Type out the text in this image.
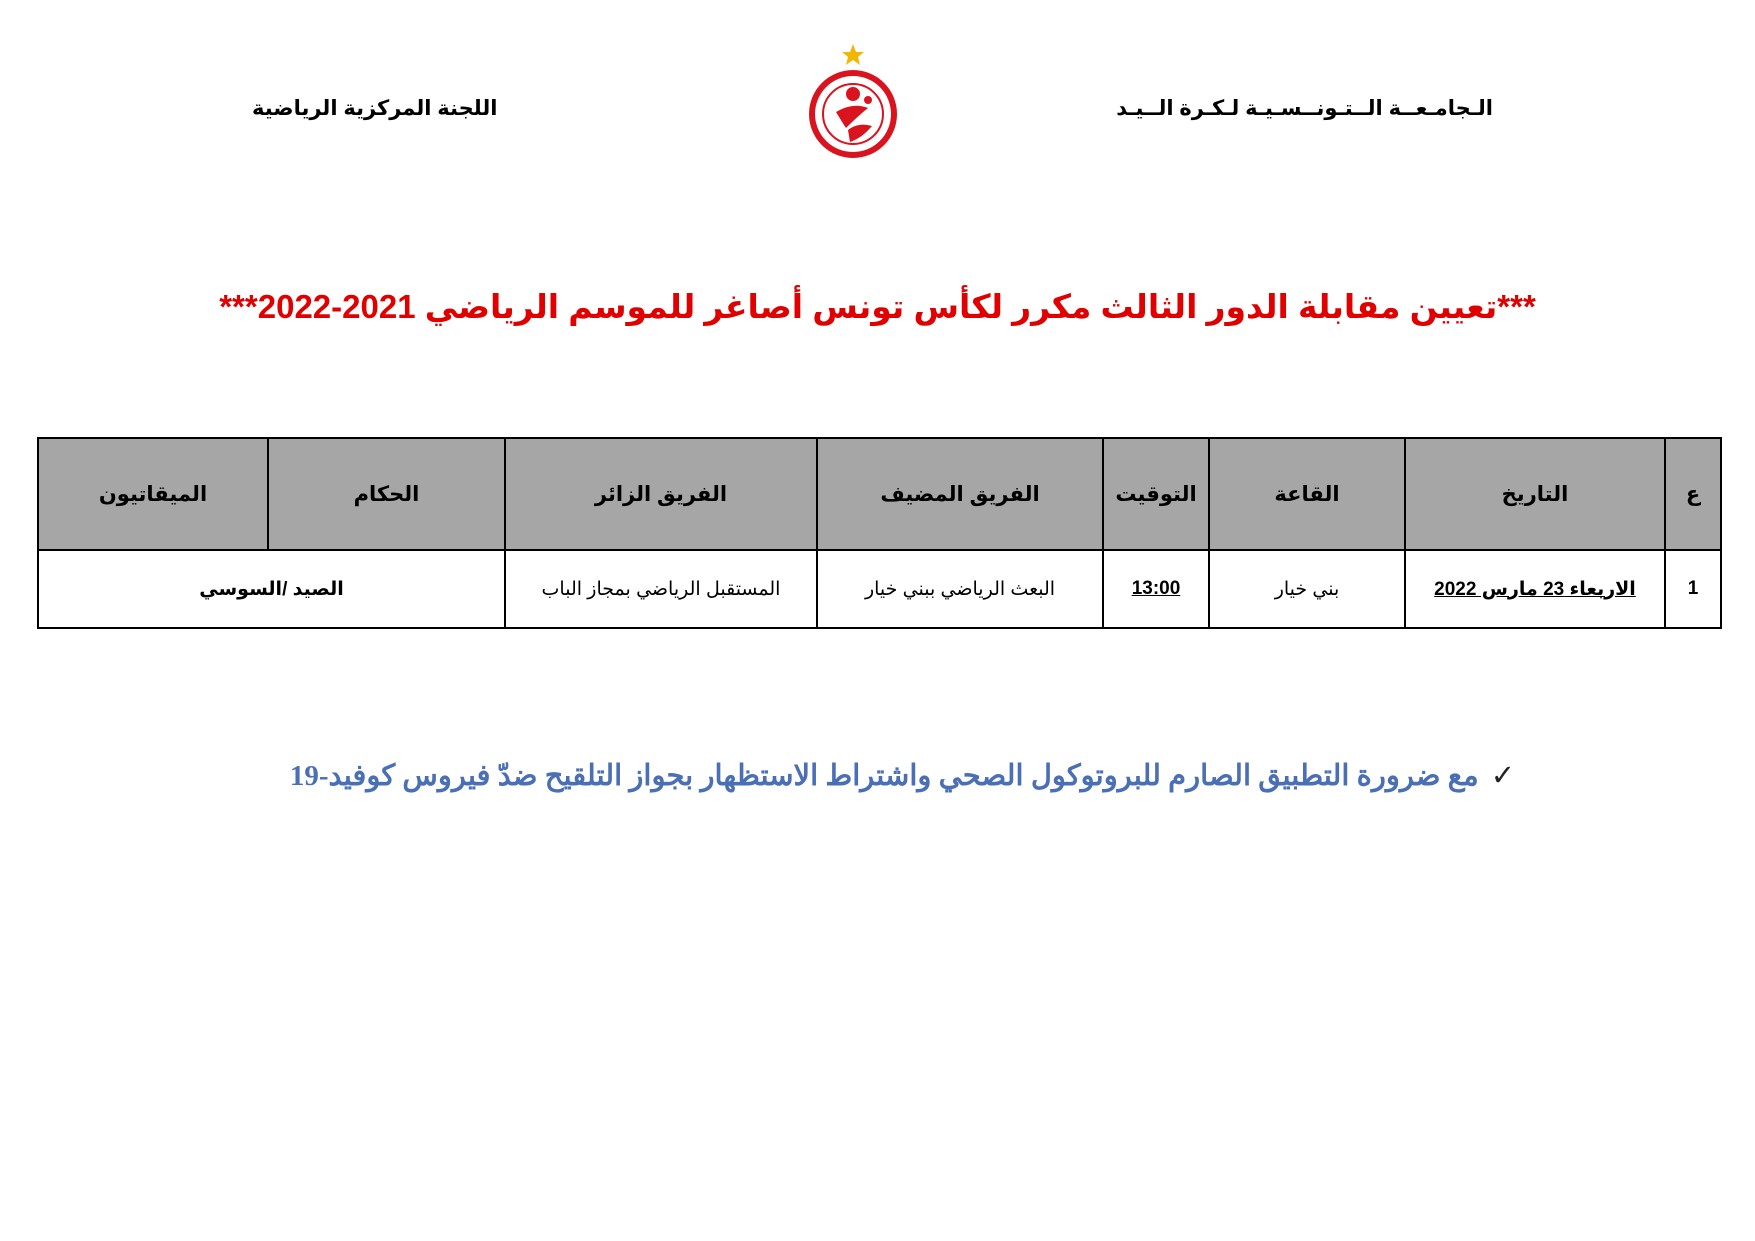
الـجامـعــة الــتـونــسـيـة لـكـرة الــيـد
اللجنة المركزية الرياضية
***تعيين مقابلة الدور الثالث مكرر لكأس تونس أصاغر للموسم الرياضي 2021-2022***
ع	التاريخ	القاعة	التوقيت	الفريق المضيف	الفريق الزائر	الحكام	الميقاتيون
1	الاربعاء 23 مارس 2022	بني خيار	13:00	البعث الرياضي ببني خيار	المستقبل الرياضي بمجاز الباب	الصيد /السوسي	
✓مع ضرورة التطبيق الصارم للبروتوكول الصحي واشتراط الاستظهار بجواز التلقيح ضدّ فيروس كوفيد-19
